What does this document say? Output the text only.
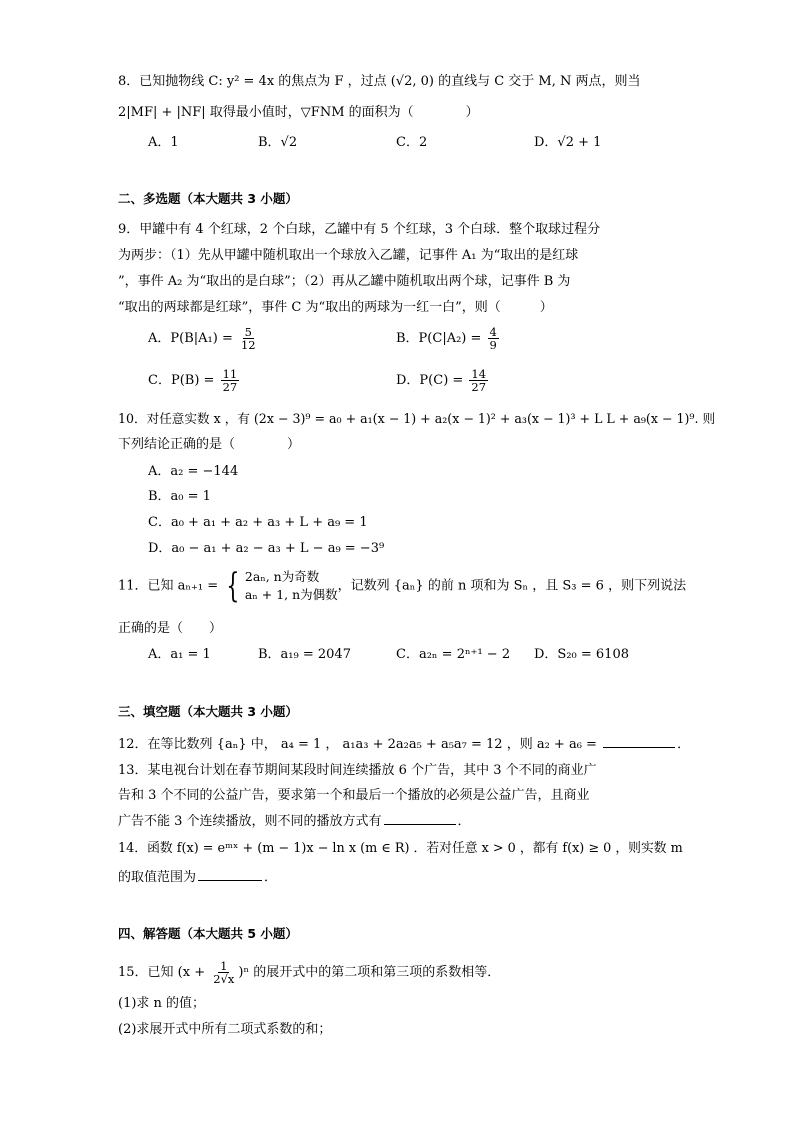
8．已知抛物线 C: y² = 4x 的焦点为 F ，过点 (√2, 0) 的直线与 C 交于 M, N 两点，则当
2|MF| + |NF| 取得最小值时，▽FNM 的面积为（　　　　）
A．1	B．√2	C．2	D．√2 + 1
二、多选题（本大题共 3 小题）
9．甲罐中有 4 个红球，2 个白球，乙罐中有 5 个红球，3 个白球．整个取球过程分
为两步：（1）先从甲罐中随机取出一个球放入乙罐，记事件 A₁ 为“取出的是红球
”，事件 A₂ 为“取出的是白球”；（2）再从乙罐中随机取出两个球，记事件 B 为
“取出的两球都是红球”，事件 C 为“取出的两球为一红一白”，则（　　　）
A．$P(B|A_1) = \frac{5}{12}$	B．$P(C|A_2) = \frac{4}{9}$
C．$P(B) = \frac{11}{27}$	D．$P(C) = \frac{14}{27}$
10．对任意实数 x ，有 (2x − 3)⁹ = a₀ + a₁(x − 1) + a₂(x − 1)² + a₃(x − 1)³ + L L + a₉(x − 1)⁹. 则
下列结论正确的是（　　　　）
A．a₂ = −144
B．a₀ = 1
C．a₀ + a₁ + a₂ + a₃ + L + a₉ = 1
D．a₀ − a₁ + a₂ − a₃ + L − a₉ = −3⁹
11．已知 aₙ₊₁ = { 2aₙ, n为奇数
aₙ + 1, n为偶数
，记数列 {aₙ} 的前 n 项和为 Sₙ ，且 S₃ = 6 ，则下列说法
正确的是（　　）
A．a₁ = 1	B．a₁₉ = 2047	C．a₂ₙ = 2ⁿ⁺¹ − 2 D．S₂₀ = 6108
三、填空题（本大题共 3 小题）
12．在等比数列 {aₙ} 中， a₄ = 1 ， a₁a₃ + 2a₂a₅ + a₅a₇ = 12 ，则 a₂ + a₆ =	．
13．某电视台计划在春节期间某段时间连续播放 6 个广告，其中 3 个不同的商业广
告和 3 个不同的公益广告，要求第一个和最后一个播放的必须是公益广告，且商业
广告不能 3 个连续播放，则不同的播放方式有	．
14．函数 f(x) = eᵐˣ + (m − 1)x − ln x (m ∈ R) ．若对任意 x > 0 ，都有 f(x) ≥ 0 ，则实数 m
的取值范围为	．
四、解答题（本大题共 5 小题）
15．已知 $(x + \frac{1}{2√x} )^n$ 的展开式中的第二项和第三项的系数相等．
(1)求 n 的值；
(2)求展开式中所有二项式系数的和；
